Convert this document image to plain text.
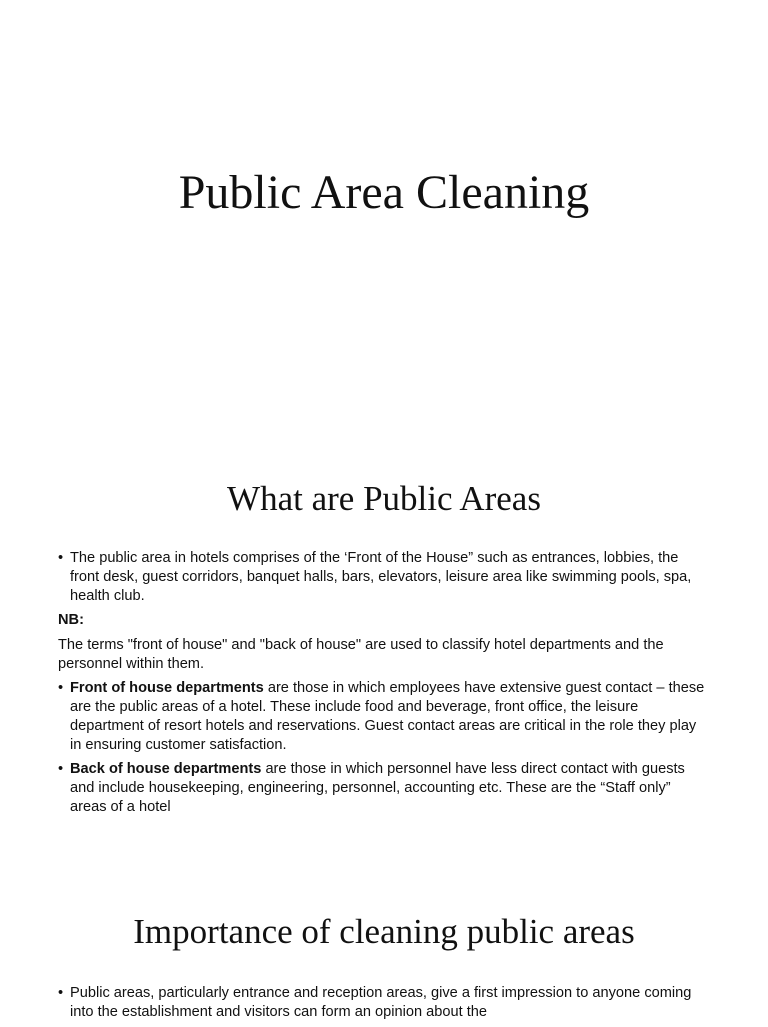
Public Area Cleaning
What are Public Areas
• The public area in hotels comprises of the ‘Front of the House” such as entrances, lobbies, the front desk, guest corridors, banquet halls, bars, elevators, leisure area like swimming pools, spa, health club.
NB:
The terms "front of house" and "back of house" are used to classify hotel departments and the personnel within them.
• Front of house departments are those in which employees have extensive guest contact – these are the public areas of a hotel. These include food and beverage, front office, the leisure department of resort hotels and reservations. Guest contact areas are critical in the role they play in ensuring customer satisfaction.
• Back of house departments are those in which personnel have less direct contact with guests and include housekeeping, engineering, personnel, accounting etc. These are the “Staff only” areas of a hotel
Importance of cleaning public areas
• Public areas, particularly entrance and reception areas, give a first impression to anyone coming into the establishment and visitors can form an opinion about the
